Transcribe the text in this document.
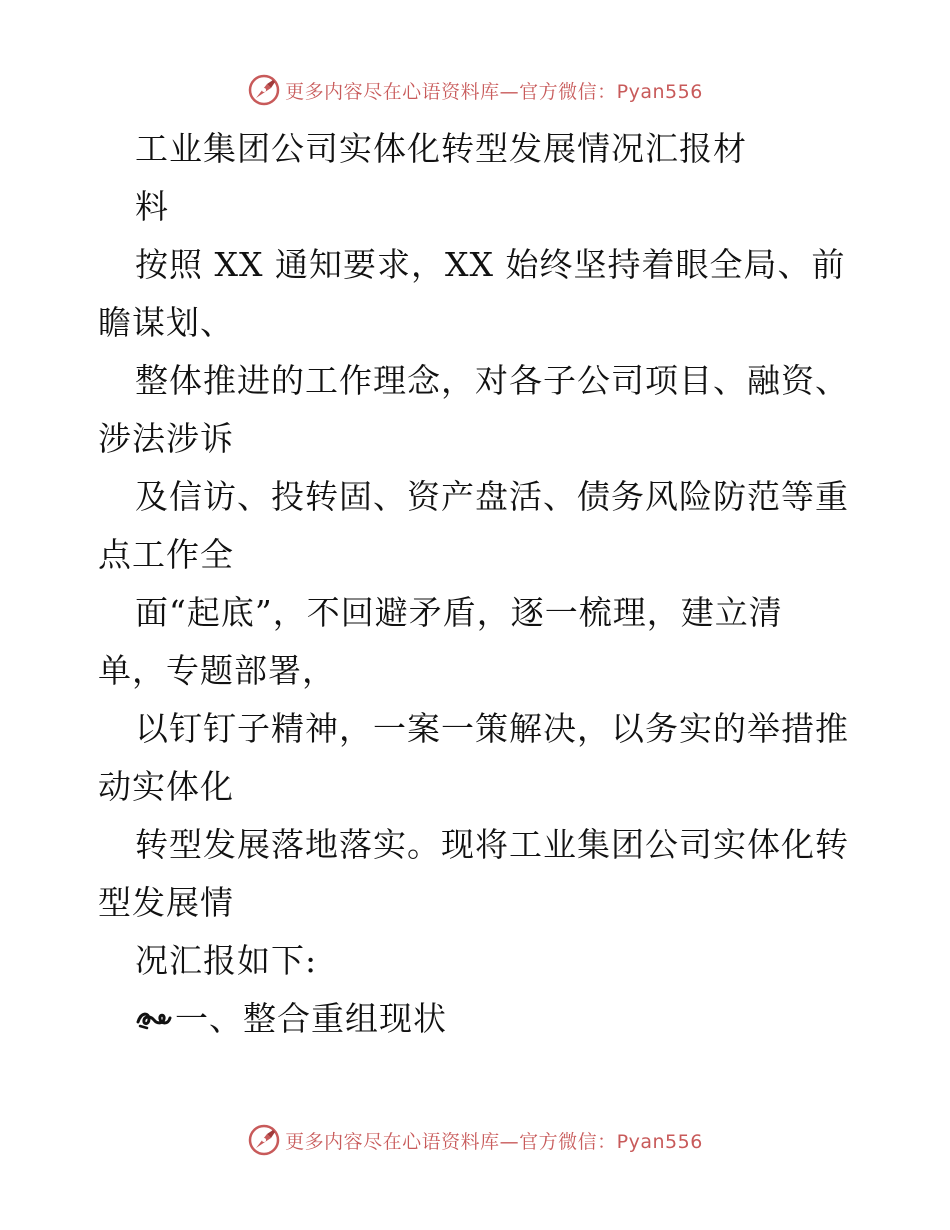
更多内容尽在心语资料库—官方微信：Pyan556
工业集团公司实体化转型发展情况汇报材
料
按照 XX 通知要求，XX 始终坚持着眼全局、前
瞻谋划、
整体推进的工作理念，对各子公司项目、融资、
涉法涉诉
及信访、投转固、资产盘活、债务风险防范等重
点工作全
面“起底”，不回避矛盾，逐一梳理，建立清
单，专题部署，
以钉钉子精神，一案一策解决，以务实的举措推
动实体化
转型发展落地落实。现将工业集团公司实体化转
型发展情
况汇报如下:
一、整合重组现状
更多内容尽在心语资料库—官方微信：Pyan556
